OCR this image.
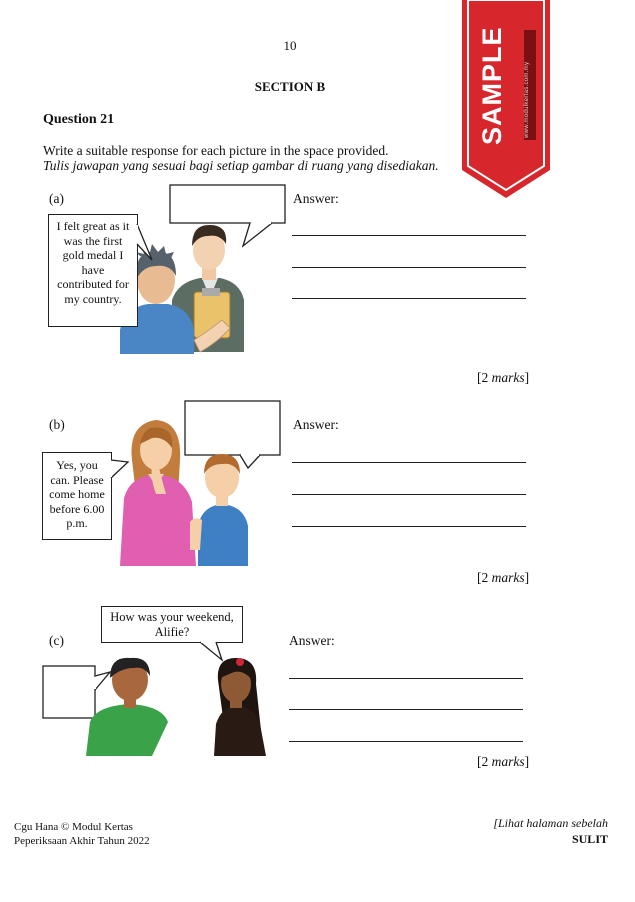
10
SECTION B
Question 21
Write a suitable response for each picture in the space provided.
Tulis jawapan yang sesuai bagi setiap gambar di ruang yang disediakan.
SAMPLE	www.modulkertas.com.my
(a)
I felt great as it was the first gold medal I have contributed for my country.
Answer:
[2 marks]
(b)
Yes, you can. Please come home before 6.00 p.m.
Answer:
[2 marks]
(c)
How was your weekend, Alifie?
Answer:
[2 marks]
Cgu Hana © Modul Kertas
Peperiksaan Akhir Tahun 2022
[Lihat halaman sebelah
SULIT
